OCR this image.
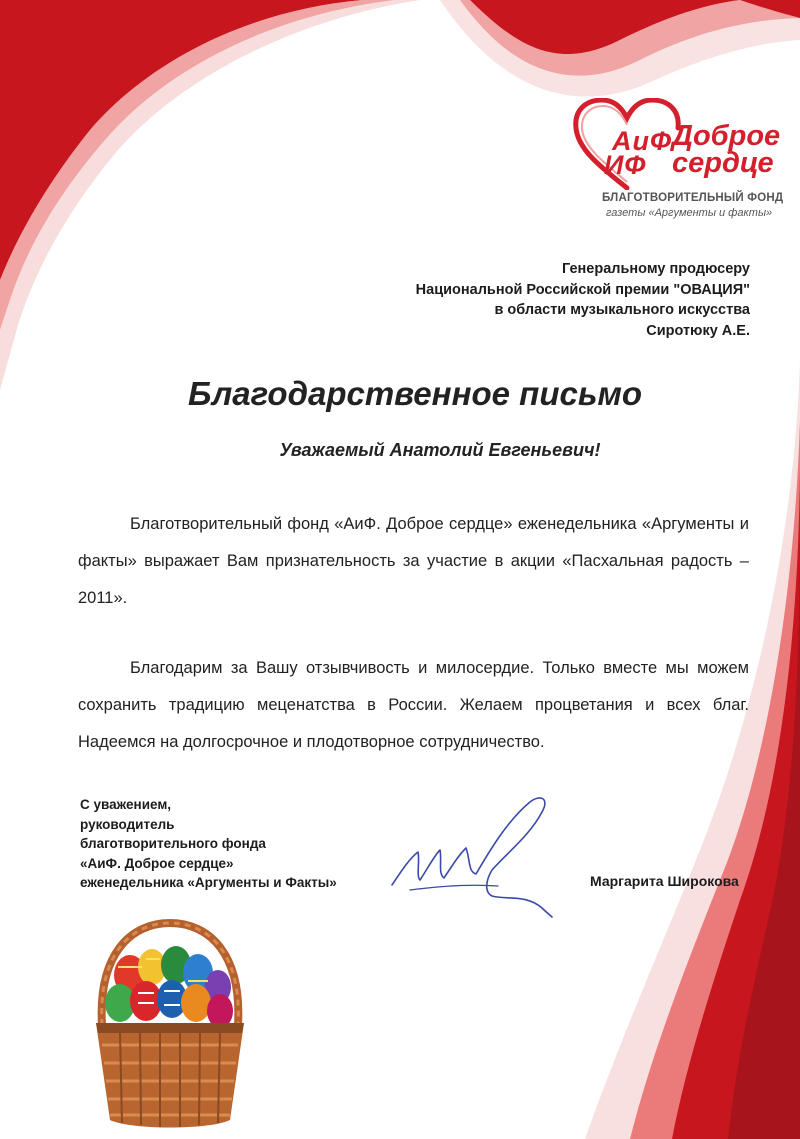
АиФ
ИФ
Доброе
сердце
БЛАГОТВОРИТЕЛЬНЫЙ ФОНД
газеты «Аргументы и факты»
Генеральному продюсеру
Национальной Российской премии "ОВАЦИЯ"
в области музыкального искусства
Сиротюку А.Е.
Благодарственное письмо
Уважаемый Анатолий Евгеньевич!
Благотворительный фонд «АиФ. Доброе сердце» еженедельника «Аргументы и факты» выражает Вам признательность за участие в акции «Пасхальная радость – 2011».
Благодарим за Вашу отзывчивость и милосердие. Только вместе мы можем сохранить традицию меценатства в России. Желаем процветания и всех благ. Надеемся на долгосрочное и плодотворное сотрудничество.
С уважением,
руководитель
благотворительного фонда
«АиФ. Доброе сердце»
еженедельника «Аргументы и Факты»	Маргарита Широкова
